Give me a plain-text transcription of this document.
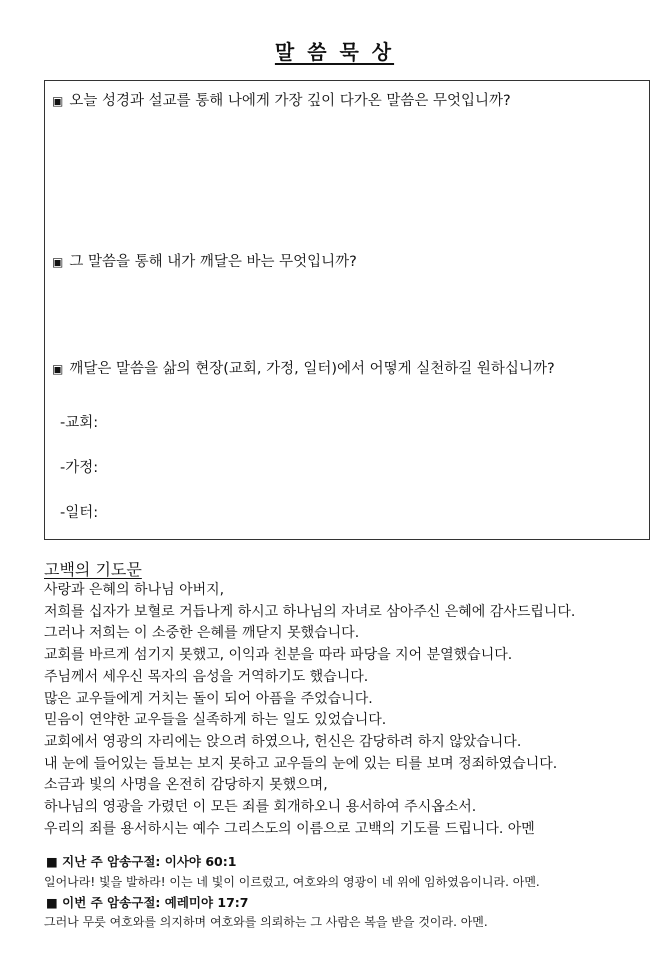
말 씀 묵 상
▣ 오늘 성경과 설교를 통해 나에게 가장 깊이 다가온 말씀은 무엇입니까?
▣ 그 말씀을 통해 내가 깨달은 바는 무엇입니까?
▣ 깨달은 말씀을 삶의 현장(교회, 가정, 일터)에서 어떻게 실천하길 원하십니까?
-교회:
-가정:
-일터:
고백의 기도문
사랑과 은혜의 하나님 아버지,
저희를 십자가 보혈로 거듭나게 하시고 하나님의 자녀로 삼아주신 은혜에 감사드립니다.
그러나 저희는 이 소중한 은혜를 깨닫지 못했습니다.
교회를 바르게 섬기지 못했고, 이익과 친분을 따라 파당을 지어 분열했습니다.
주님께서 세우신 목자의 음성을 거역하기도 했습니다.
많은 교우들에게 거치는 돌이 되어 아픔을 주었습니다.
믿음이 연약한 교우들을 실족하게 하는 일도 있었습니다.
교회에서 영광의 자리에는 앉으려 하였으나, 헌신은 감당하려 하지 않았습니다.
내 눈에 들어있는 들보는 보지 못하고 교우들의 눈에 있는 티를 보며 정죄하였습니다.
소금과 빛의 사명을 온전히 감당하지 못했으며,
하나님의 영광을 가렸던 이 모든 죄를 회개하오니 용서하여 주시옵소서.
우리의 죄를 용서하시는 예수 그리스도의 이름으로 고백의 기도를 드립니다. 아멘
■ 지난 주 암송구절: 이사야 60:1
일어나라! 빛을 발하라! 이는 네 빛이 이르렀고, 여호와의 영광이 네 위에 임하였음이니라. 아멘.
■ 이번 주 암송구절: 예레미야 17:7
그러나 무릇 여호와를 의지하며 여호와를 의뢰하는 그 사람은 복을 받을 것이라. 아멘.
